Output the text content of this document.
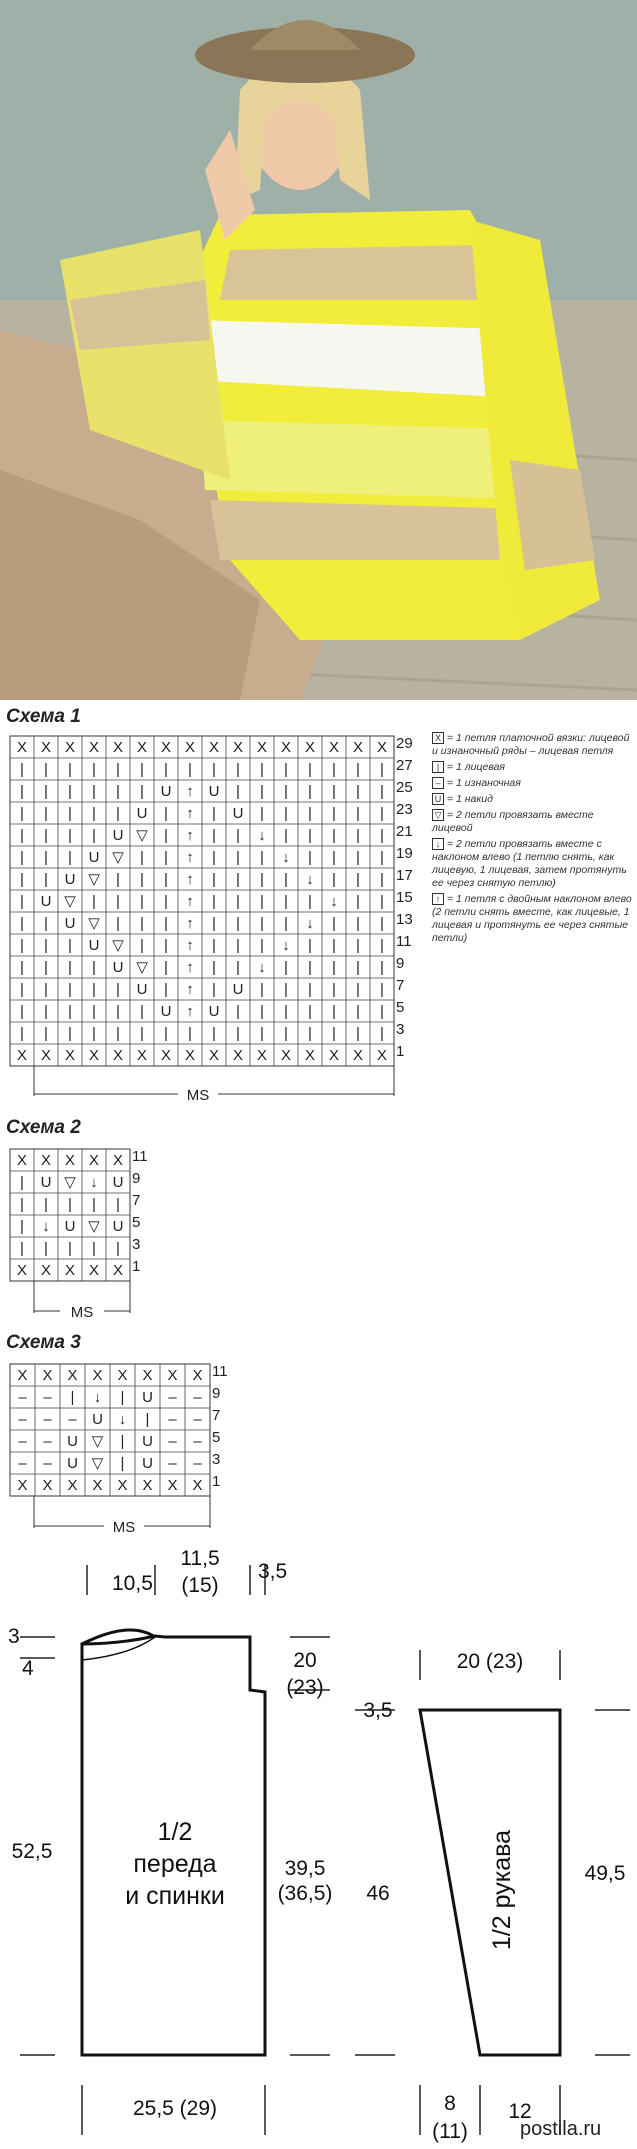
Схема 1
X X X X X X X X X X X X X X X X
| | | | | | | | | | | | | | | |
| | | | | | U ↑ U | | | | | | |
| | | | | U | ↑ | U | | | | | |
| | | | U ▽ | ↑ | | ↓ | | | | |
| | | U ▽ | | ↑ | | | ↓ | | | |
| | U ▽ | | | ↑ | | | | ↓ | | |
| U ▽ | | | | ↑ | | | | | ↓ | |
| | U ▽ | | | ↑ | | | | ↓ | | |
| | | U ▽ | | ↑ | | | ↓ | | | |
| | | | U ▽ | ↑ | | ↓ | | | | |
| | | | | U | ↑ | U | | | | | |
| | | | | | U ↑ U | | | | | | |
| | | | | | | | | | | | | | | |
X X X X X X X X X X X X X X X X
MS
29
27
25
23
21
19
17
15
13
11
9
7
5
3
1
X = 1 петля платочной вязки: лицевой и изнаночный ряды – лицевая петля
| = 1 лицевая
– = 1 изнаночная
U = 1 накид
▽ = 2 петли провязать вместе лицевой
↓ = 2 петли провязать вместе с наклоном влево (1 петлю снять, как лицевую, 1 лицевая, затем протянуть ее через снятую петлю)
↑ = 1 петля с двойным наклоном влево (2 петли снять вместе, как лицевые, 1 лицевая и протянуть ее через снятые петли)
Схема 2
X X X X X
| U ▽ ↓ U
| | | | |
| ↓ U ▽ U
| | | | |
X X X X X
MS
11
9
7
5
3
1
Схема 3
X X X X X X X X
– – | ↓ | U – –
– – – U ↓ | – –
– – U ▽ | U – –
– – U ▽ | U – –
X X X X X X X X
MS
11
9
7
5
3
1
10,5
11,5
(15)
3,5
3
4	20
(23)
52,5
1/2
переда
и спинки
39,5
(36,5) 46
25,5 (29)
20 (23)
3,5
1/2 рукава	49,5
8
(11)
12
postila.ru
